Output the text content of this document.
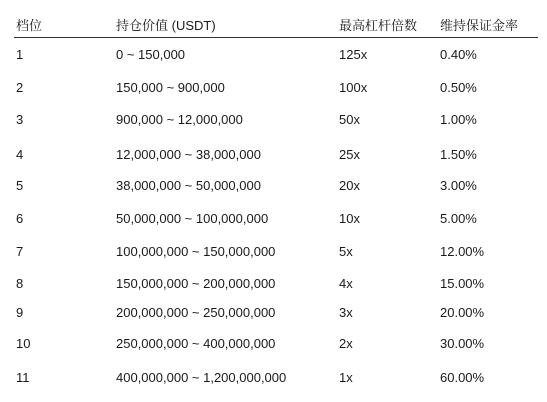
档位	持仓价值 (USDT)	最高杠杆倍数 维持保证金率
1	0 ~ 150,000	125x	0.40%
2	150,000 ~ 900,000	100x	0.50%
3	900,000 ~ 12,000,000	50x	1.00%
4	12,000,000 ~ 38,000,000	25x	1.50%
5	38,000,000 ~ 50,000,000	20x	3.00%
6	50,000,000 ~ 100,000,000	10x	5.00%
7	100,000,000 ~ 150,000,000	5x	12.00%
8	150,000,000 ~ 200,000,000	4x	15.00%
9	200,000,000 ~ 250,000,000	3x	20.00%
10	250,000,000 ~ 400,000,000	2x	30.00%
11	400,000,000 ~ 1,200,000,000	1x	60.00%
